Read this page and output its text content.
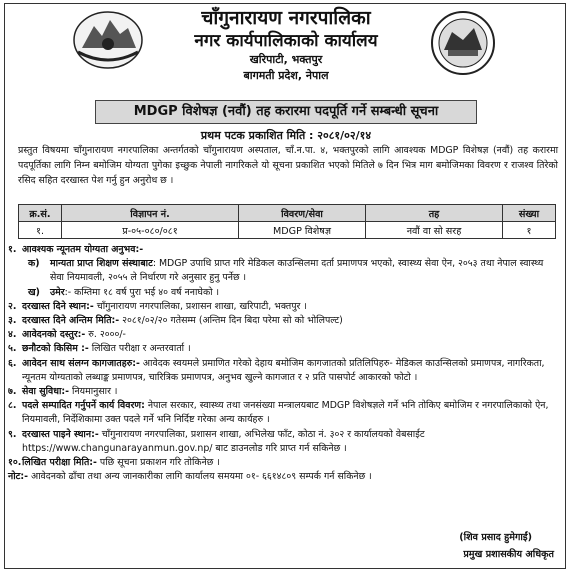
चाँगुनारायण नगरपालिका
नगर कार्यपालिकाको कार्यालय
खरिपाटी, भक्तपुर
बागमती प्रदेश, नेपाल
MDGP विशेषज्ञ (नवौं) तह करारमा पदपूर्ति गर्ने सम्बन्धी सूचना
प्रथम पटक प्रकाशित मिति : २०८१/०२/१४
प्रस्तुत विषयमा चाँगुनारायण नगरपालिका अन्तर्गतको चाँगुनारायण अस्पताल, चाँ.न.पा. ४, भक्तपुरको लागि आवश्यक MDGP विशेषज्ञ (नवौं) तह करारमा पदपूर्तिका लागि निम्न बमोजिम योग्यता पुगेका इच्छुक नेपाली नागरिकले यो सूचना प्रकाशित भएको मितिले ७ दिन भित्र माग बमोजिमका विवरण र राजश्व तिरेको रसिद सहित दरखास्त पेश गर्नु हुन अनुरोध छ ।
क्र.सं.	विज्ञापन नं.	विवरण/सेवा	तह	संख्या
१.	प्र-०५-०८०/०८१	MDGP विशेषज्ञ	नवौं वा सो सरह	१
१. आवश्यक न्यूनतम योग्यता अनुभव:-
क)	मान्यता प्राप्त शिक्षण संस्थाबाट: MDGP उपाधि प्राप्त गरि मेडिकल काउन्सिलमा दर्ता प्रमाणपत्र भएको, स्वास्थ्य सेवा ऐन, २०५३ तथा नेपाल स्वास्थ्य सेवा नियमावली, २०५५ ले निर्धारण गरे अनुसार हुनु पर्नेछ ।
ख)	उमेर:- कम्तिमा १८ वर्ष पुरा भई ४० वर्ष ननाघेको ।
२. दरखास्त दिने स्थान:- चाँगुनारायण नगरपालिका, प्रशासन शाखा, खरिपाटी, भक्तपुर ।
३. दरखास्त दिने अन्तिम मिति:- २०८१/०२/२० गतेसम्म (अन्तिम दिन बिदा परेमा सो को भोलिपल्ट)
४. आवेदनको दस्तुर:- रु. २०००/-
५. छनौटको किसिम :- लिखित परीक्षा र अन्तरवार्ता ।
६. आवेदन साथ संलग्न कागजातहरु:- आवेदक स्वयमले प्रमाणित गरेको देहाय बमोजिम कागजातको प्रतिलिपिहरु- मेडिकल काउन्सिलको प्रमाणपत्र, नागरिकता, न्यूनतम योग्यताको लब्धाङ्क प्रमाणपत्र, चारित्रिक प्रमाणपत्र, अनुभव खुल्ने कागजात र २ प्रति पासपोर्ट आकारको फोटो ।
७. सेवा सुविधा:- नियमानुसार ।
८. पदले सम्पादित गर्नुपर्ने कार्य विवरण: नेपाल सरकार, स्वास्थ्य तथा जनसंख्या मन्त्रालयबाट MDGP विशेषज्ञले गर्ने भनि तोकिए बमोजिम र नगरपालिकाको ऐन, नियमावली, निर्देशिकामा उक्त पदले गर्ने भनि निर्दिष्ट गरेका अन्य कार्यहरु ।
९. दरखास्त पाइने स्थान:- चाँगुनारायण नगरपालिका, प्रशासन शाखा, अभिलेख फाँट, कोठा नं. ३०२ र कार्यालयको वेबसाईट https://www.changunarayanmun.gov.np/ बाट डाउनलोड गरि प्राप्त गर्न सकिनेछ ।
१०. लिखित परीक्षा मिति:- पछि सूचना प्रकाशन गरि तोकिनेछ ।
नोट:- आवेदनको ढाँचा तथा अन्य जानकारीका लागि कार्यालय समयमा ०१- ६६१४८०९ सम्पर्क गर्न सकिनेछ ।
(शिव प्रसाद हुमेगाईं)
प्रमुख प्रशासकीय अधिकृत
